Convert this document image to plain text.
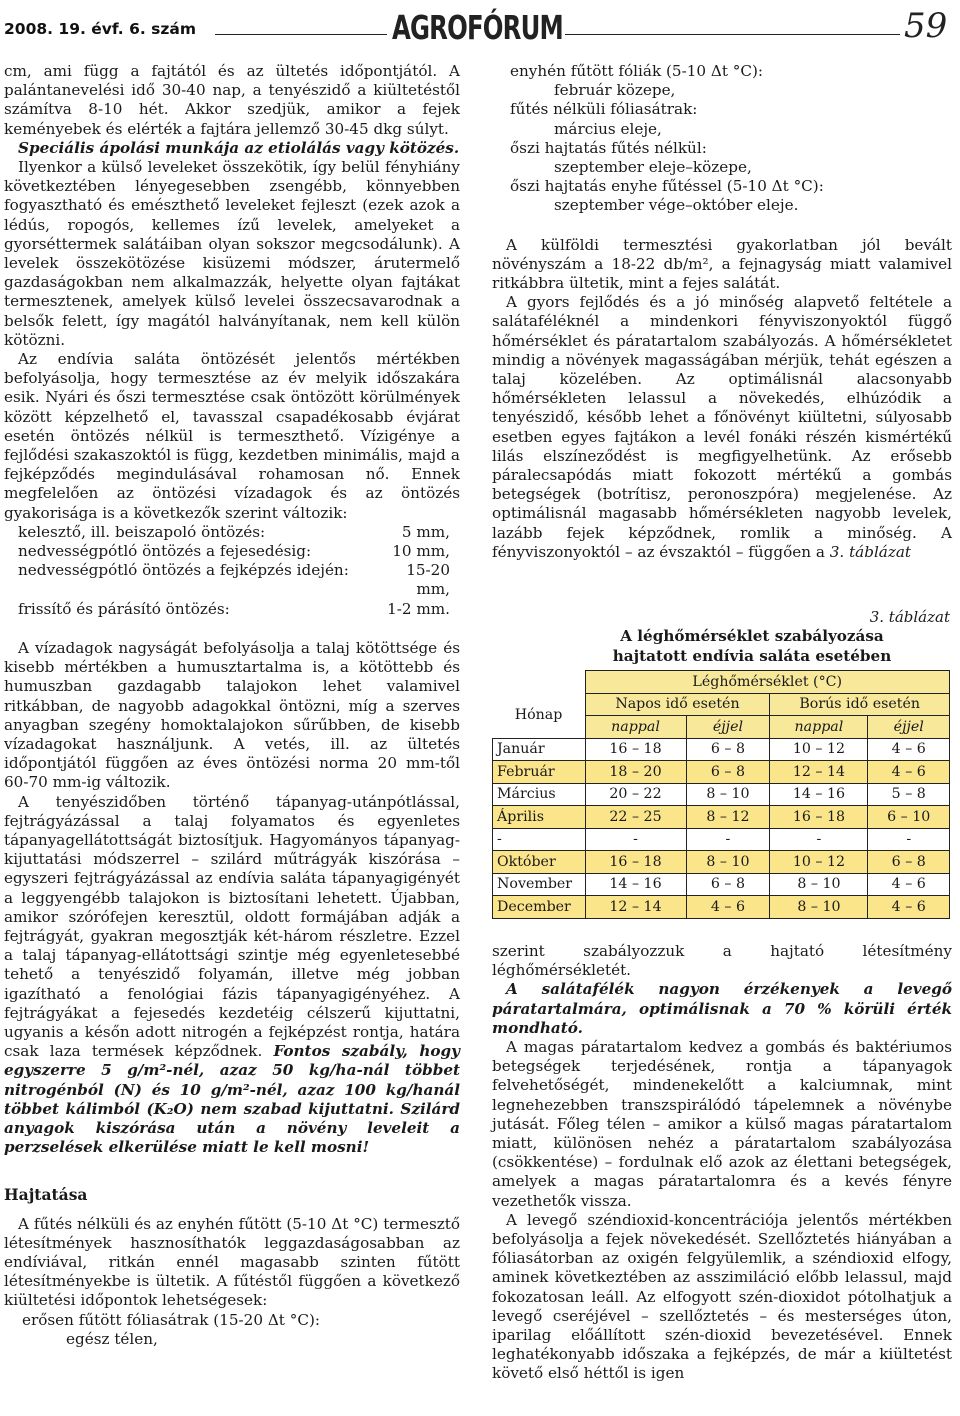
2008. 19. évf. 6. szám	AGROFÓRUM	59

cm, ami függ a fajtától és az ültetés időpontjától. A palántanevelési idő 30-40 nap, a tenyészidő a kiültetéstől számítva 8-10 hét. Akkor szedjük, amikor a fejek keményebek és elérték a fajtára jellemző 30-45 dkg súlyt.

Speciális ápolási munkája az etiolálás vagy kötözés.

Ilyenkor a külső leveleket összekötik, így belül fényhiány következtében lényegesebben zsengébb, könnyebben fogyasztható és emészthető leveleket fejleszt (ezek azok a lédús, ropogós, kellemes ízű levelek, amelyeket a gyorséttermek salátáiban olyan sokszor megcsodálunk). A levelek összekötözése kisüzemi módszer, árutermelő gazdaságokban nem alkalmazzák, helyette olyan fajtákat termesztenek, amelyek külső levelei összecsavarodnak a belsők felett, így magától halványítanak, nem kell külön kötözni.

Az endívia saláta öntözését jelentős mértékben befolyásolja, hogy termesztése az év melyik időszakára esik. Nyári és őszi termesztése csak öntözött körülmények között képzelhető el, tavasszal csapadékosabb évjárat esetén öntözés nélkül is termeszthető. Vízigénye a fejlődési szakaszoktól is függ, kezdetben minimális, majd a fejképződés megindulásával rohamosan nő. Ennek megfelelően az öntözési vízadagok és az öntözés gyakorisága is a következők szerint változik:

kelesztő, ill. beiszapoló öntözés:	5 mm,
nedvességpótló öntözés a fejesedésig:	10 mm,
nedvességpótló öntözés a fejképzés idején:	15-20 mm,
frissítő és párásító öntözés:	1-2 mm.

A vízadagok nagyságát befolyásolja a talaj kötöttsége és kisebb mértékben a humusztartalma is, a kötöttebb és humuszban gazdagabb talajokon lehet valamivel ritkábban, de nagyobb adagokkal öntözni, míg a szerves anyagban szegény homoktalajokon sűrűbben, de kisebb vízadagokat használjunk. A vetés, ill. az ültetés időpontjától függően az éves öntözési norma 20 mm-től 60-70 mm-ig változik.

A tenyészidőben történő tápanyag-utánpótlással, fejtrágyázással a talaj folyamatos és egyenletes tápanyagellátottságát biztosítjuk. Hagyományos tápanyag-kijuttatási módszerrel – szilárd műtrágyák kiszórása – egyszeri fejtrágyázással az endívia saláta tápanyagigényét a leggyengébb talajokon is biztosítani lehetett. Újabban, amikor szórófejen keresztül, oldott formájában adják a fejtrágyát, gyakran megosztják két-három részletre. Ezzel a talaj tápanyag-ellátottsági szintje még egyenletesebbé tehető a tenyészidő folyamán, illetve még jobban igazítható a fenológiai fázis tápanyagigényéhez. A fejtrágyákat a fejesedés kezdetéig célszerű kijuttatni, ugyanis a későn adott nitrogén a fejképzést rontja, határa csak laza termések képződnek. Fontos szabály, hogy egyszerre 5 g/m²-nél, azaz 50 kg/ha-nál többet nitrogénból (N) és 10 g/m²-nél, azaz 100 kg/hanál többet kálimból (K₂O) nem szabad kijuttatni. Szilárd anyagok kiszórása után a növény leveleit a perzselések elkerülése miatt le kell mosni!

Hajtatása

A fűtés nélküli és az enyhén fűtött (5-10 Δt °C) termesztő létesítmények hasznosíthatók leggazdaságosabban az endíviával, ritkán ennél magasabb szinten fűtött létesítményekbe is ültetik. A fűtéstől függően a következő kiültetési időpontok lehetségesek:

erősen fűtött fóliasátrak (15-20 Δt °C):

egész télen,

enyhén fűtött fóliák (5-10 Δt °C):

február közepe,

fűtés nélküli fóliasátrak:

március eleje,

őszi hajtatás fűtés nélkül:

szeptember eleje–közepe,

őszi hajtatás enyhe fűtéssel (5-10 Δt °C):

szeptember vége–október eleje.

A külföldi termesztési gyakorlatban jól bevált növényszám a 18-22 db/m², a fejnagyság miatt valamivel ritkábbra ültetik, mint a fejes salátát.

A gyors fejlődés és a jó minőség alapvető feltétele a salátaféléknél a mindenkori fényviszonyoktól függő hőmérséklet és páratartalom szabályozás. A hőmérsékletet mindig a növények magasságában mérjük, tehát egészen a talaj közelében. Az optimálisnál alacsonyabb hőmérsékleten lelassul a növekedés, elhúzódik a tenyészidő, később lehet a főnövényt kiültetni, súlyosabb esetben egyes fajtákon a levél fonáki részén kismértékű lilás elszíneződést is megfigyelhetünk. Az erősebb páralecsapódás miatt fokozott mértékű a gombás betegségek (botrítisz, peronoszpóra) megjelenése. Az optimálisnál magasabb hőmérsékleten nagyobb levelek, lazább fejek képződnek, romlik a minőség. A fényviszonyoktól – az évszaktól – függően a 3. táblázat

3. táblázat
A léghőmérséklet szabályozása
hajtatott endívia saláta esetében
	Léghőmérséklet (°C)			
Hónap	Napos idő esetén		Borús idő esetén	
	nappal	éjjel	nappal	éjjel
Január	16 – 18	6 – 8	10 – 12	4 – 6
Február	18 – 20	6 – 8	12 – 14	4 – 6
Március	20 – 22	8 – 10	14 – 16	5 – 8
Április	22 – 25	8 – 12	16 – 18	6 – 10
-	-	-	-	-
Október	16 – 18	8 – 10	10 – 12	6 – 8
November	14 – 16	6 – 8	8 – 10	4 – 6
December	12 – 14	4 – 6	8 – 10	4 – 6

szerint szabályozzuk a hajtató létesítmény léghőmérsékletét.

A salátafélék nagyon érzékenyek a levegő páratartalmára, optimálisnak a 70 % körüli érték mondható.

A magas páratartalom kedvez a gombás és baktériumos betegségek terjedésének, rontja a tápanyagok felvehetőségét, mindenekelőtt a kalciumnak, mint legnehezebben transzspirálódó tápelemnek a növénybe jutását. Főleg télen – amikor a külső magas páratartalom miatt, különösen nehéz a páratartalom szabályozása (csökkentése) – fordulnak elő azok az élettani betegségek, amelyek a magas páratartalomra és a kevés fényre vezethetők vissza.

A levegő széndioxid-koncentrációja jelentős mértékben befolyásolja a fejek növekedését. Szellőztetés hiányában a fóliasátorban az oxigén felgyülemlik, a széndioxid elfogy, aminek következtében az asszimiláció előbb lelassul, majd fokozatosan leáll. Az elfogyott szén-dioxidot pótolhatjuk a levegő cseréjével – szellőztetés – és mesterséges úton, iparilag előállított szén-dioxid bevezetésével. Ennek leghatékonyabb időszaka a fejképzés, de már a kiültetést követő első héttől is igen
